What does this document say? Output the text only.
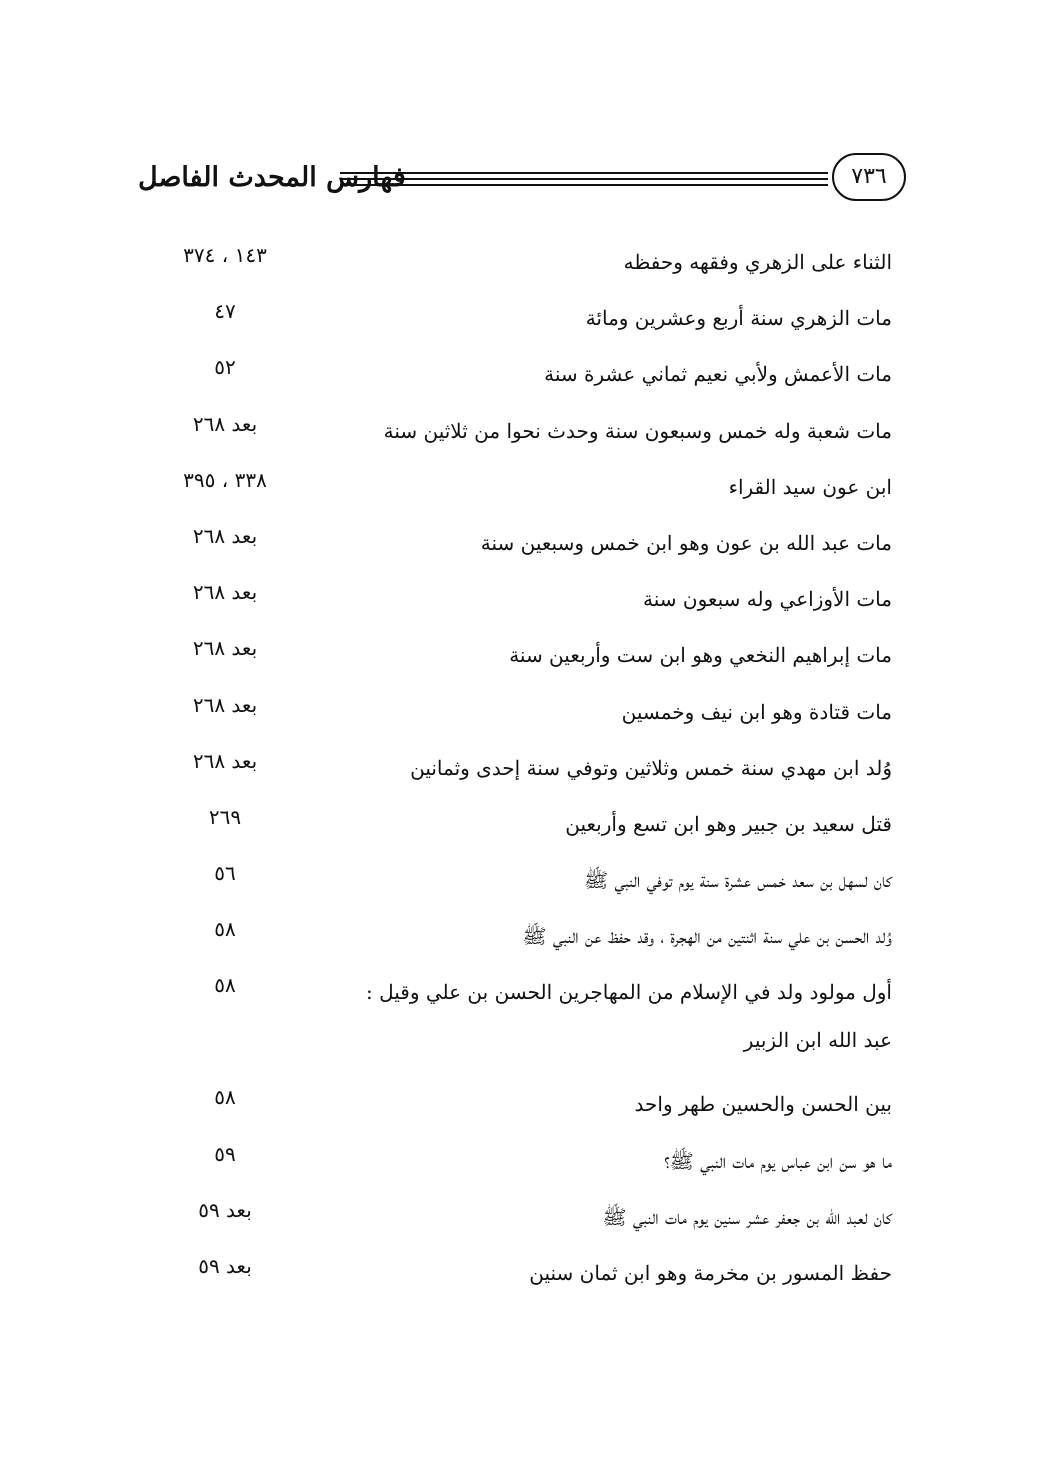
فهارس المحدث الفاصل	٧٣٦
الثناء على الزهري وفقهه وحفظه
١٤٣ ، ٣٧٤
مات الزهري سنة أربع وعشرين ومائة
٤٧
مات الأعمش ولأبي نعيم ثماني عشرة سنة
٥٢
مات شعبة وله خمس وسبعون سنة وحدث نحوا من ثلاثين سنة
بعد ٢٦٨
ابن عون سيد القراء
٣٣٨ ، ٣٩٥
مات عبد الله بن عون وهو ابن خمس وسبعين سنة
بعد ٢٦٨
مات الأوزاعي وله سبعون سنة
بعد ٢٦٨
مات إبراهيم النخعي وهو ابن ست وأربعين سنة
بعد ٢٦٨
مات قتادة وهو ابن نيف وخمسين
بعد ٢٦٨
وُلد ابن مهدي سنة خمس وثلاثين وتوفي سنة إحدى وثمانين
بعد ٢٦٨
قتل سعيد بن جبير وهو ابن تسع وأربعين
٢٦٩
كان لسهل بن سعد خمس عشرة سنة يوم توفي النبي ﷺ
٥٦
وُلد الحسن بن علي سنة اثنتين من الهجرة ، وقد حفظ عن النبي ﷺ
٥٨
أول مولود ولد في الإسلام من المهاجرين الحسن بن علي وقيل : عبد الله ابن الزبير
٥٨
بين الحسن والحسين طهر واحد
٥٨
ما هو سن ابن عباس يوم مات النبي ﷺ؟
٥٩
كان لعبد الله بن جعفر عشر سنين يوم مات النبي ﷺ
بعد ٥٩
حفظ المسور بن مخرمة وهو ابن ثمان سنين
بعد ٥٩
